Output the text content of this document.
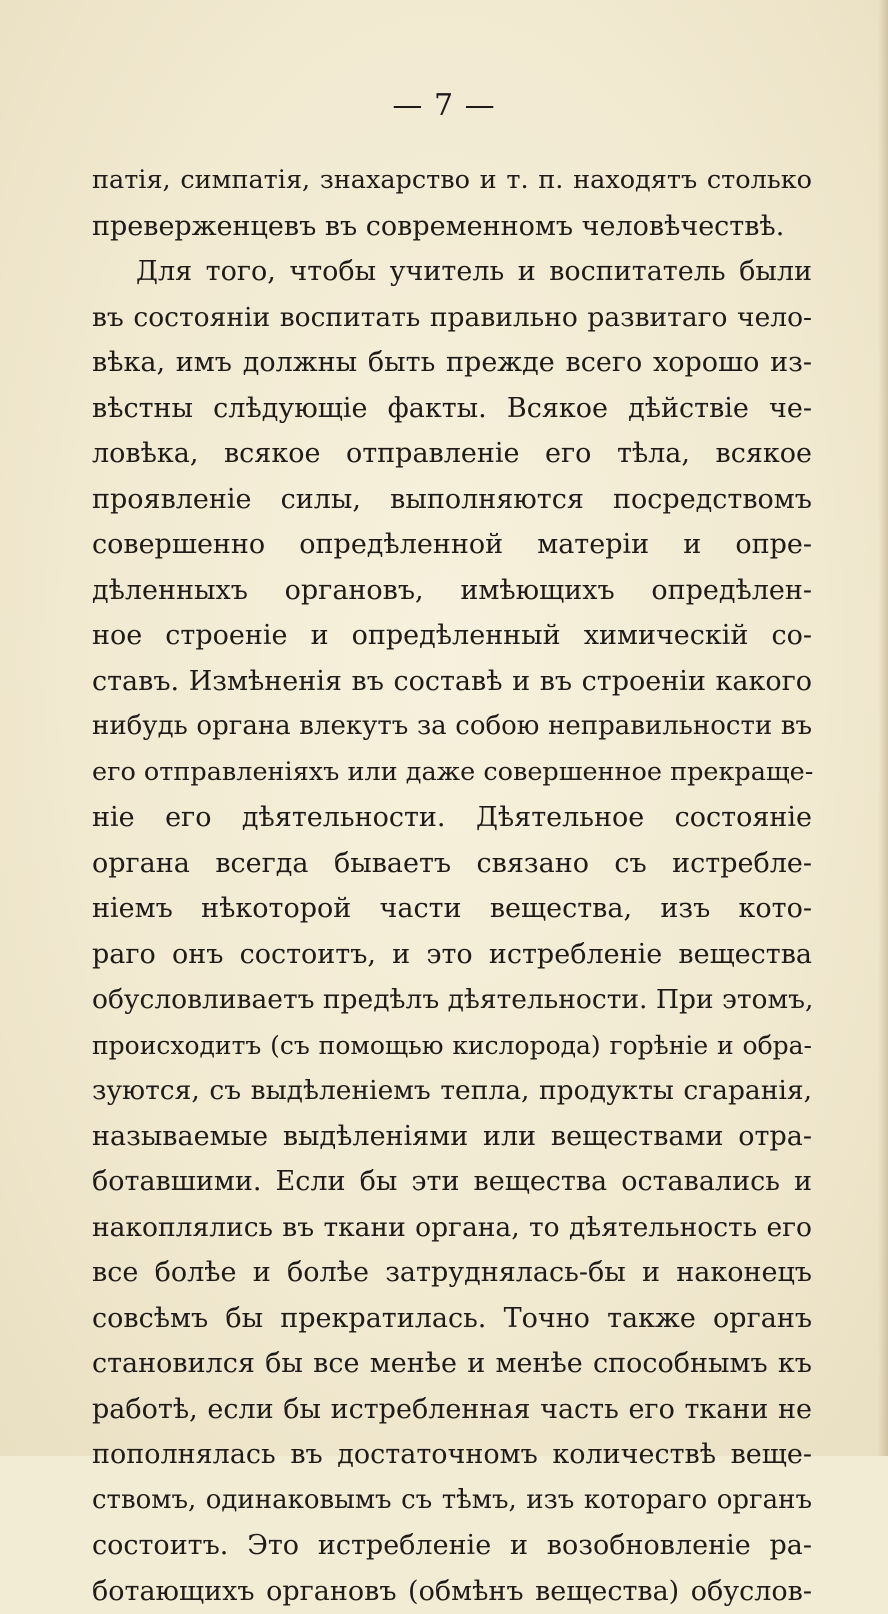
— 7 —
патія, симпатія, знахарство и т. п. находятъ столько
преверженцевъ въ современномъ человѣчествѣ.
Для того, чтобы учитель и воспитатель были
въ состояніи воспитать правильно развитаго чело-
вѣка, имъ должны быть прежде всего хорошо из-
вѣстны слѣдующіе факты. Всякое дѣйствіе че-
ловѣка, всякое отправленіе его тѣла, всякое
проявленіе силы, выполняются посредствомъ
совершенно опредѣленной матеріи и опре-
дѣленныхъ органовъ, имѣющихъ опредѣлен-
ное строеніе и опредѣленный химическій со-
ставъ. Измѣненія въ составѣ и въ строеніи какого
нибудь органа влекутъ за собою неправильности въ
его отправленіяхъ или даже совершенное прекраще-
ніе его дѣятельности. Дѣятельное состояніе
органа всегда бываетъ связано съ истребле-
ніемъ нѣкоторой части вещества, изъ кото-
раго онъ состоитъ, и это истребленіе вещества
обусловливаетъ предѣлъ дѣятельности. При этомъ,
происходитъ (съ помощью кислорода) горѣніе и обра-
зуются, съ выдѣленіемъ тепла, продукты сгаранія,
называемые выдѣленіями или веществами отра-
ботавшими. Если бы эти вещества оставались и
накоплялись въ ткани органа, то дѣятельность его
все болѣе и болѣе затруднялась-бы и наконецъ
совсѣмъ бы прекратилась. Точно также органъ
становился бы все менѣе и менѣе способнымъ къ
работѣ, если бы истребленная часть его ткани не
пополнялась въ достаточномъ количествѣ веще-
ствомъ, одинаковымъ съ тѣмъ, изъ котораго органъ
состоитъ. Это истребленіе и возобновленіе ра-
ботающихъ органовъ (обмѣнъ вещества) обуслов-
